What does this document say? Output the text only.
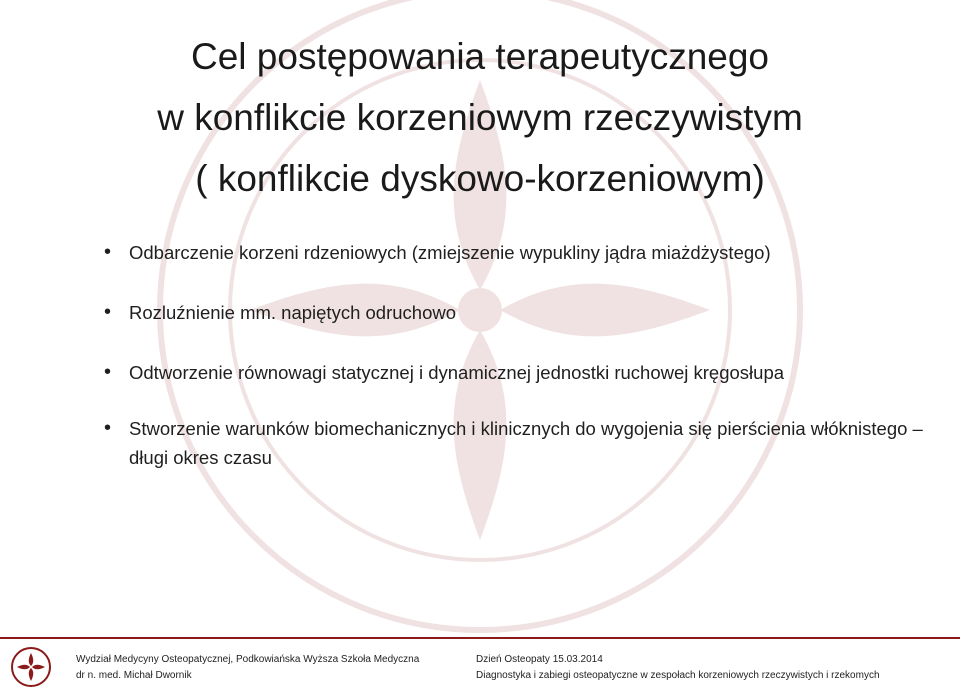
Cel postępowania terapeutycznego
w konflikcie korzeniowym rzeczywistym
( konflikcie dyskowo-korzeniowym)
• Odbarczenie korzeni rdzeniowych (zmiejszenie wypukliny jądra miażdżystego)
• Rozluźnienie mm. napiętych odruchowo
• Odtworzenie równowagi statycznej i dynamicznej jednostki ruchowej kręgosłupa
• Stworzenie warunków biomechanicznych i klinicznych do wygojenia się pierścienia włóknistego – długi okres czasu
Wydział Medycyny Osteopatycznej, Podkowiańska Wyższa Szkoła Medyczna
dr n. med. Michał Dwornik
Dzień Osteopaty 15.03.2014
Diagnostyka i zabiegi osteopatyczne w zespołach korzeniowych rzeczywistych i rzekomych
